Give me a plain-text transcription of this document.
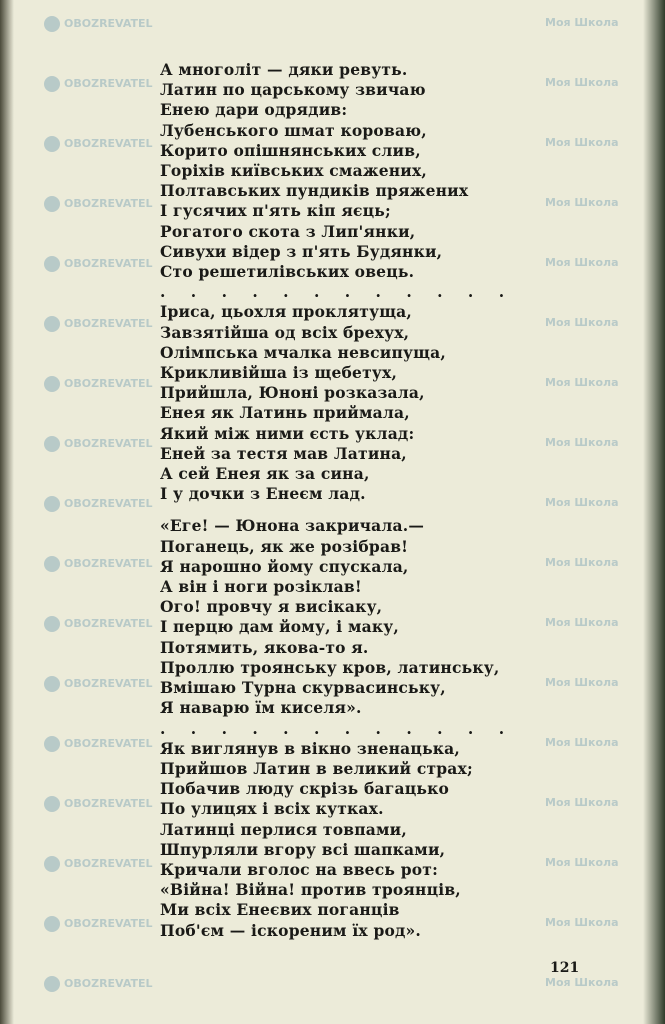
OBOZREVATEL	Моя Школа
OBOZREVATEL	Моя Школа
OBOZREVATEL	Моя Школа
OBOZREVATEL	Моя Школа
OBOZREVATEL	Моя Школа
OBOZREVATEL	Моя Школа
OBOZREVATEL	Моя Школа
OBOZREVATEL	Моя Школа
OBOZREVATEL	Моя Школа
OBOZREVATEL	Моя Школа
OBOZREVATEL	Моя Школа
OBOZREVATEL	Моя Школа
OBOZREVATEL	Моя Школа
OBOZREVATEL	Моя Школа
OBOZREVATEL	Моя Школа
OBOZREVATEL	Моя Школа
OBOZREVATEL	Моя Школа
А многоліт — дяки ревуть.
Латин по царському звичаю
Енею дари одрядив:
Лубенського шмат короваю,
Корито опішнянських слив,
Горіхів київських смажених,
Полтавських пундиків пряжених
І гусячих п'ять кіп яєць;
Рогатого скота з Лип'янки,
Сивухи відер з п'ять Будянки,
Сто решетилівських овець.
. . . . . . . . . . . .
Іриса, цьохля проклятуща,
Завзятійша од всіх брехух,
Олімпська мчалка невсипуща,
Крикливійша із щебетух,
Прийшла, Юноні розказала,
Енея як Латинь приймала,
Який між ними єсть уклад:
Еней за тестя мав Латина,
А сей Енея як за сина,
І у дочки з Енеєм лад.
«Еге! — Юнона закричала.—
Поганець, як же розібрав!
Я нарошно йому спускала,
А він і ноги розіклав!
Ого! провчу я висікаку,
І перцю дам йому, і маку,
Потямить, якова-то я.
Проллю троянську кров, латинську,
Вмішаю Турна скурвасинську,
Я наварю їм киселя».
. . . . . . . . . . . .
Як виглянув в вікно зненацька,
Прийшов Латин в великий страх;
Побачив люду скрізь багацько
По улицях і всіх кутках.
Латинці перлися товпами,
Шпурляли вгору всі шапками,
Кричали вголос на ввесь рот:
«Війна! Війна! против троянців,
Ми всіх Енеєвих поганців
Поб'єм — іскореним їх род».
121
